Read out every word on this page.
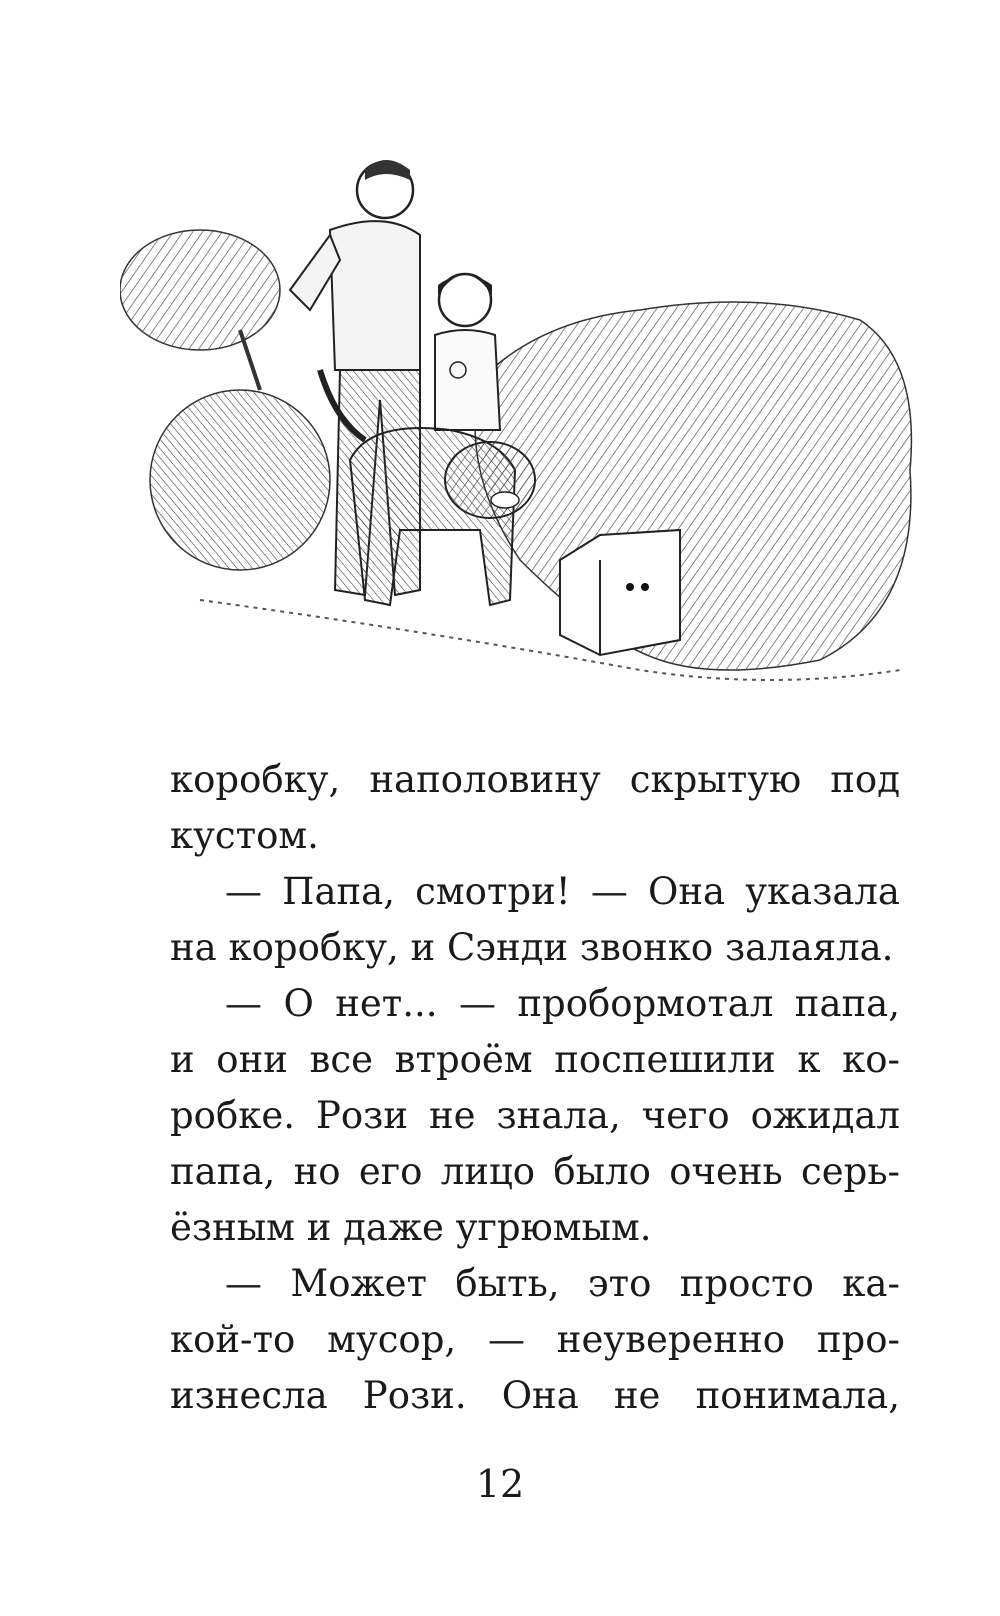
коробку, наполовину скрытую под
кустом.
— Папа, смотри! — Она указала
на коробку, и Сэнди звонко залаяла.
— О нет... — пробормотал папа,
и они все втроём поспешили к ко-
робке. Рози не знала, чего ожидал
папа, но его лицо было очень серь-
ёзным и даже угрюмым.
— Может быть, это просто ка-
кой-то мусор, — неуверенно про-
изнесла Рози. Она не понимала,
12
